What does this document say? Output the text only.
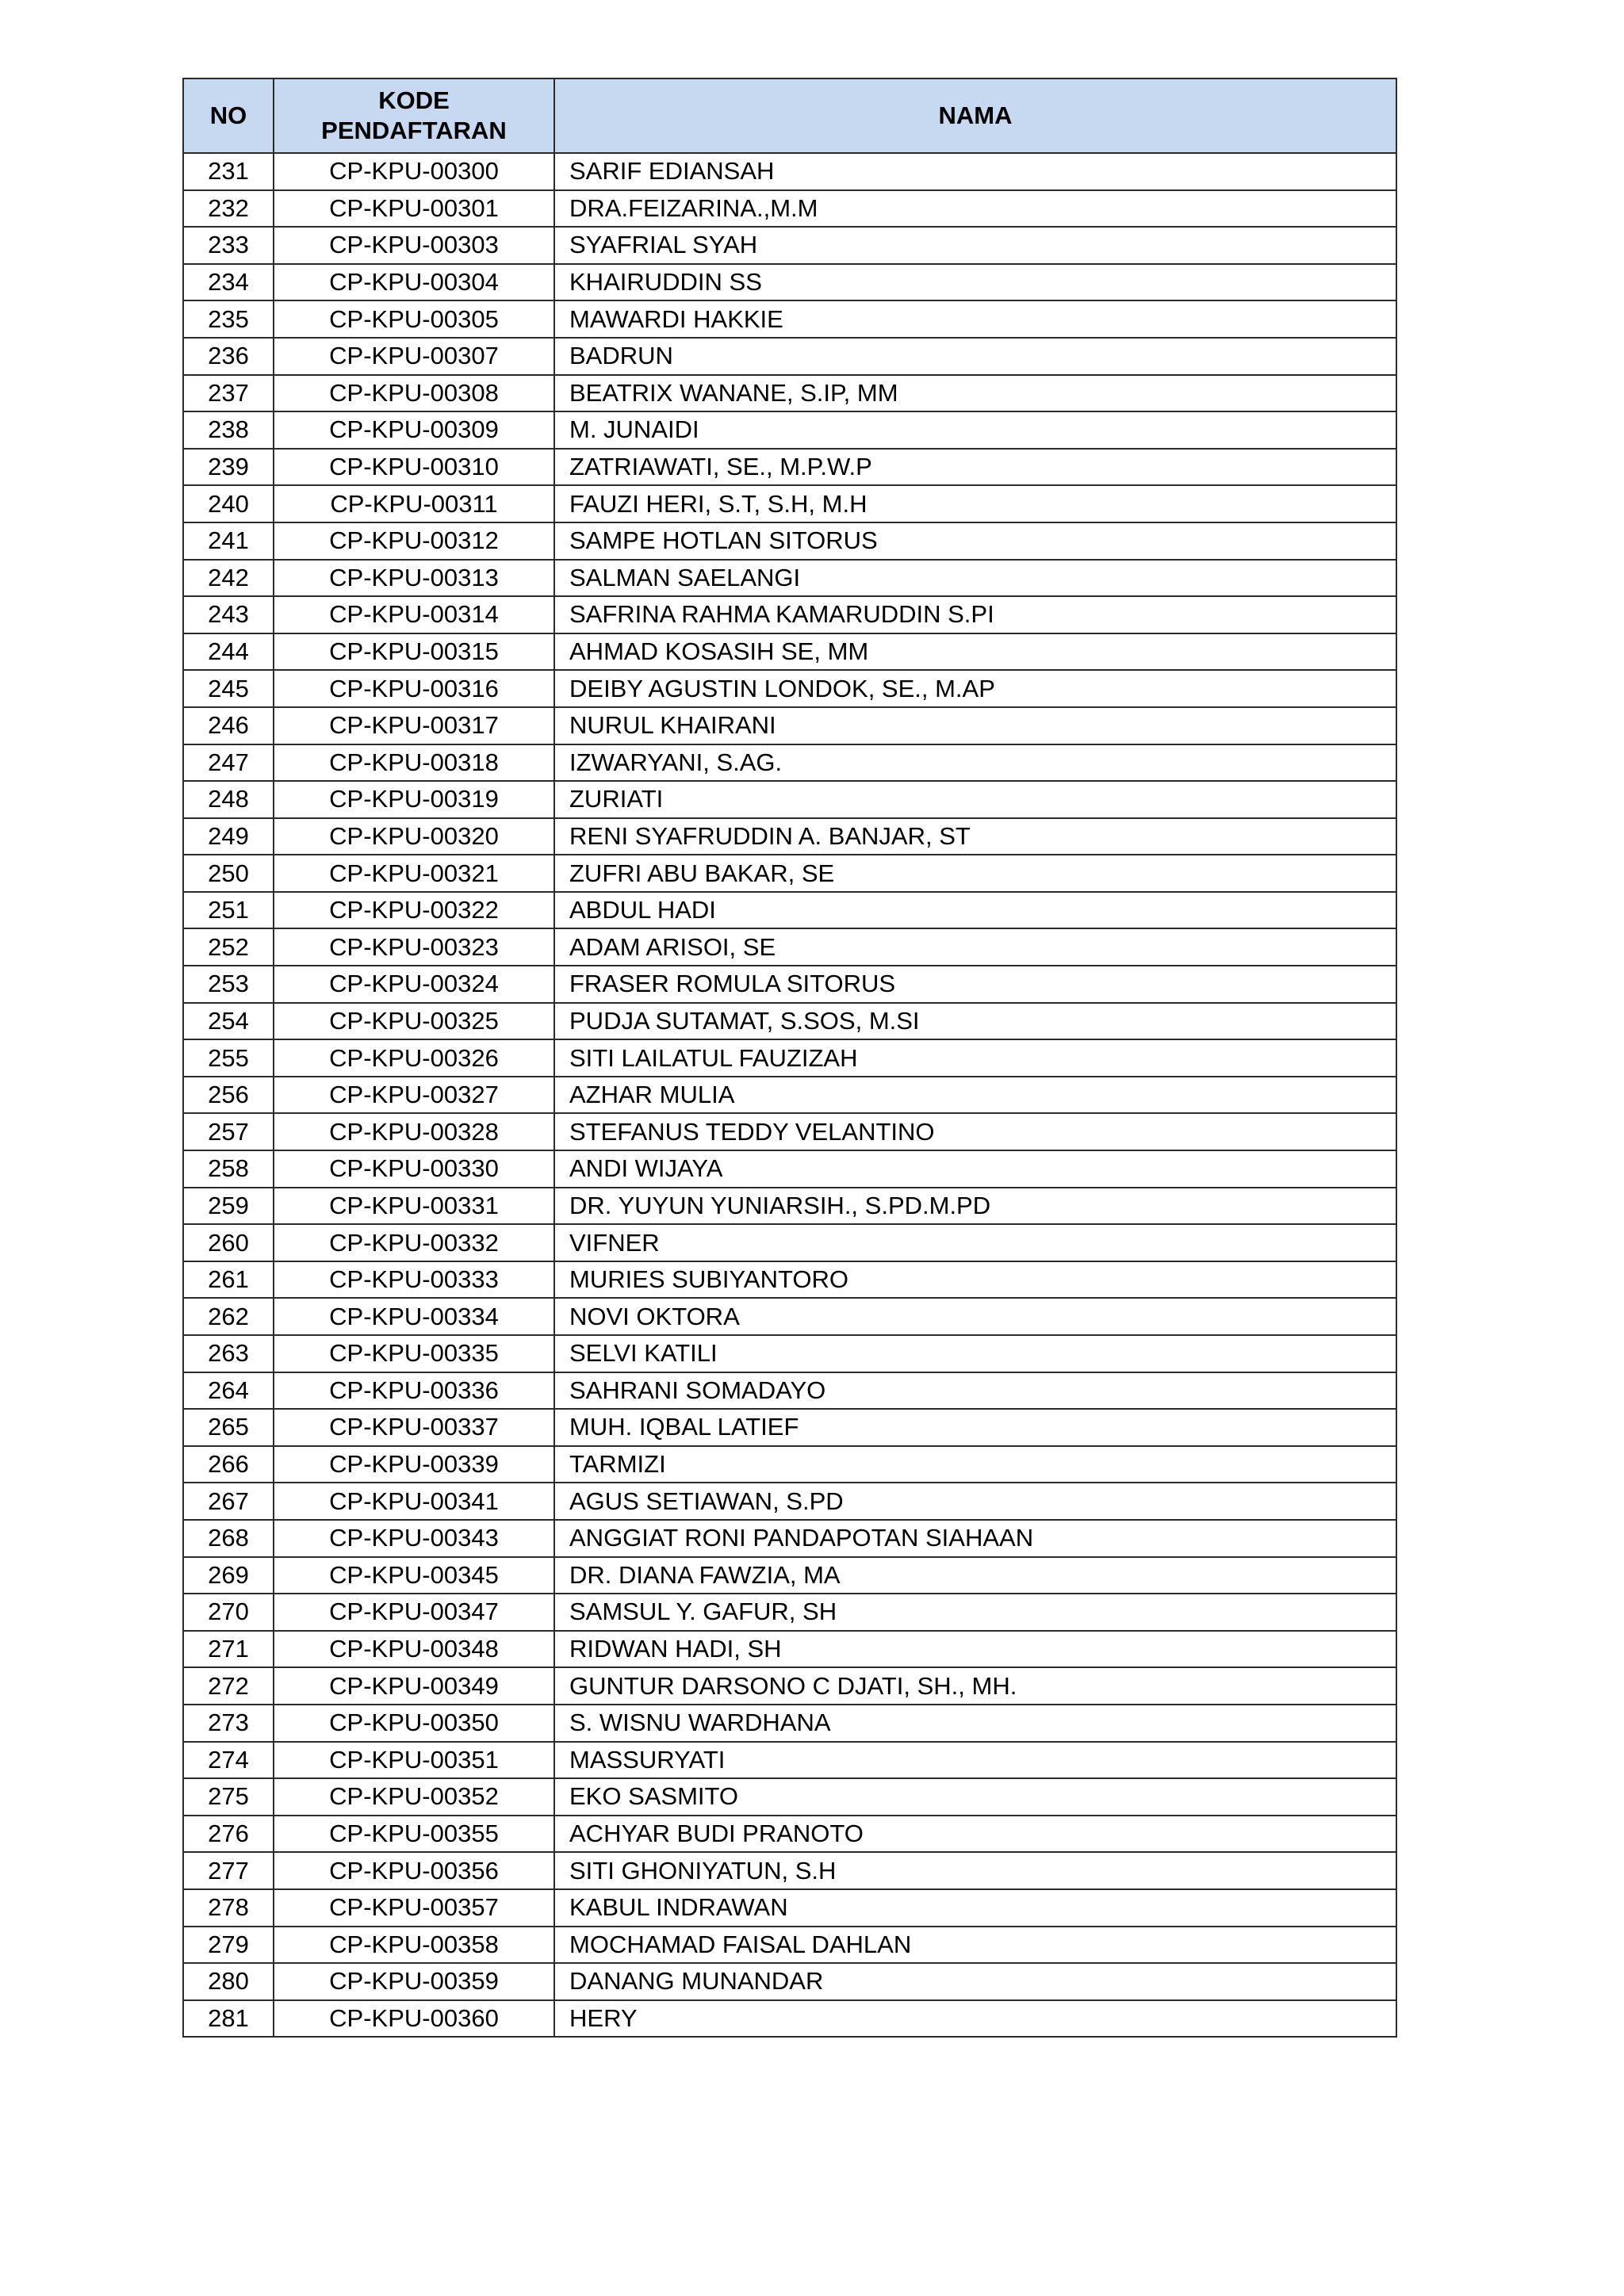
NO	KODE PENDAFTARAN	NAMA
231	CP-KPU-00300	SARIF EDIANSAH
232	CP-KPU-00301	DRA.FEIZARINA.,M.M
233	CP-KPU-00303	SYAFRIAL SYAH
234	CP-KPU-00304	KHAIRUDDIN SS
235	CP-KPU-00305	MAWARDI HAKKIE
236	CP-KPU-00307	BADRUN
237	CP-KPU-00308	BEATRIX WANANE, S.IP, MM
238	CP-KPU-00309	M. JUNAIDI
239	CP-KPU-00310	ZATRIAWATI, SE., M.P.W.P
240	CP-KPU-00311	FAUZI HERI, S.T, S.H, M.H
241	CP-KPU-00312	SAMPE HOTLAN SITORUS
242	CP-KPU-00313	SALMAN SAELANGI
243	CP-KPU-00314	SAFRINA RAHMA KAMARUDDIN S.PI
244	CP-KPU-00315	AHMAD KOSASIH SE, MM
245	CP-KPU-00316	DEIBY AGUSTIN LONDOK, SE., M.AP
246	CP-KPU-00317	NURUL KHAIRANI
247	CP-KPU-00318	IZWARYANI, S.AG.
248	CP-KPU-00319	ZURIATI
249	CP-KPU-00320	RENI SYAFRUDDIN A. BANJAR, ST
250	CP-KPU-00321	ZUFRI ABU BAKAR, SE
251	CP-KPU-00322	ABDUL HADI
252	CP-KPU-00323	ADAM ARISOI, SE
253	CP-KPU-00324	FRASER ROMULA SITORUS
254	CP-KPU-00325	PUDJA SUTAMAT, S.SOS, M.SI
255	CP-KPU-00326	SITI LAILATUL FAUZIZAH
256	CP-KPU-00327	AZHAR MULIA
257	CP-KPU-00328	STEFANUS TEDDY VELANTINO
258	CP-KPU-00330	ANDI WIJAYA
259	CP-KPU-00331	DR. YUYUN YUNIARSIH., S.PD.M.PD
260	CP-KPU-00332	VIFNER
261	CP-KPU-00333	MURIES SUBIYANTORO
262	CP-KPU-00334	NOVI OKTORA
263	CP-KPU-00335	SELVI KATILI
264	CP-KPU-00336	SAHRANI SOMADAYO
265	CP-KPU-00337	MUH. IQBAL LATIEF
266	CP-KPU-00339	TARMIZI
267	CP-KPU-00341	AGUS SETIAWAN, S.PD
268	CP-KPU-00343	ANGGIAT RONI PANDAPOTAN SIAHAAN
269	CP-KPU-00345	DR. DIANA FAWZIA, MA
270	CP-KPU-00347	SAMSUL Y. GAFUR, SH
271	CP-KPU-00348	RIDWAN HADI, SH
272	CP-KPU-00349	GUNTUR DARSONO C DJATI, SH., MH.
273	CP-KPU-00350	S. WISNU WARDHANA
274	CP-KPU-00351	MASSURYATI
275	CP-KPU-00352	EKO SASMITO
276	CP-KPU-00355	ACHYAR BUDI PRANOTO
277	CP-KPU-00356	SITI GHONIYATUN, S.H
278	CP-KPU-00357	KABUL INDRAWAN
279	CP-KPU-00358	MOCHAMAD FAISAL DAHLAN
280	CP-KPU-00359	DANANG MUNANDAR
281	CP-KPU-00360	HERY
